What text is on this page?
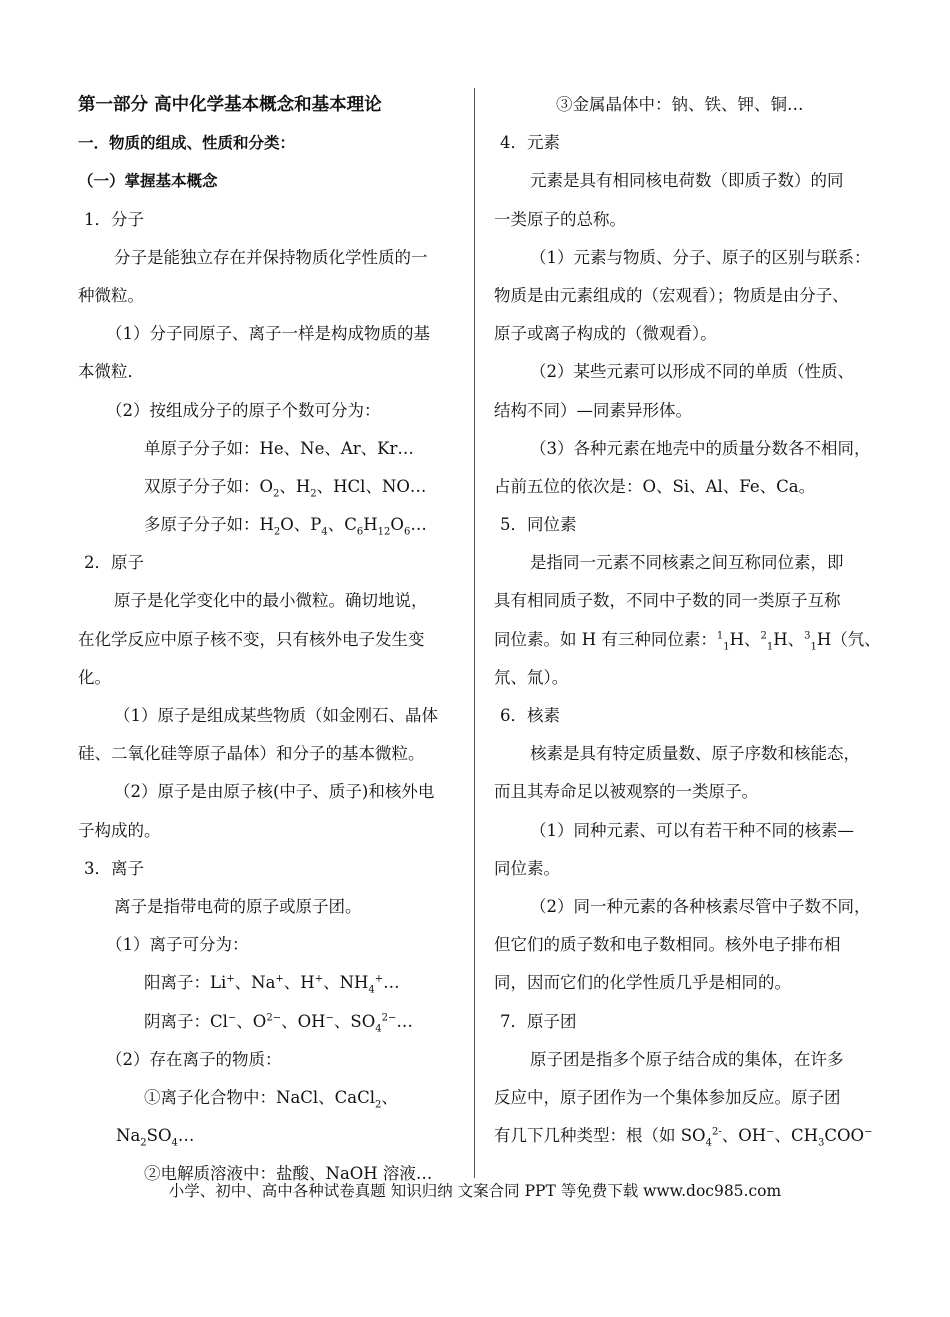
第一部分 高中化学基本概念和基本理论
一．物质的组成、性质和分类：
（一）掌握基本概念
1．分子
分子是能独立存在并保持物质化学性质的一
种微粒。
（1）分子同原子、离子一样是构成物质的基
本微粒．
（2）按组成分子的原子个数可分为：
单原子分子如：He、Ne、Ar、Kr…
双原子分子如：$O_2$、$H_2$、HCl、NO…
多原子分子如：$H_2O$、$P_4$、$C_6H_{12}O_6\dots$
2．原子
原子是化学变化中的最小微粒。确切地说，
在化学反应中原子核不变，只有核外电子发生变
化。
（1）原子是组成某些物质（如金刚石、晶体
硅、二氧化硅等原子晶体）和分子的基本微粒。
（2）原子是由原子核(中子、质子)和核外电
子构成的。
3．离子
离子是指带电荷的原子或原子团。
（1）离子可分为：
阳离子：Li+、Na+、H+、$NH_4^+\dots$
阴离子：Cl−、$O^{2-}$、OH−、$SO_4^{2-}\dots$
（2）存在离子的物质：
①离子化合物中：NaCl、CaCl$_2$、
$Na_2SO_4\dots$
②电解质溶液中：盐酸、NaOH 溶液…
③金属晶体中：钠、铁、钾、铜…
4．元素
元素是具有相同核电荷数（即质子数）的同
一类原子的总称。
（1）元素与物质、分子、原子的区别与联系：
物质是由元素组成的（宏观看）；物质是由分子、
原子或离子构成的（微观看）。
（2）某些元素可以形成不同的单质（性质、
结构不同）—同素异形体。
（3）各种元素在地壳中的质量分数各不相同，
占前五位的依次是：O、Si、Al、Fe、Ca。
5．同位素
是指同一元素不同核素之间互称同位素，即
具有相同质子数，不同中子数的同一类原子互称
同位素。如 H 有三种同位素：$^1_1$H、$^2_1$H、$^3_1$H（氕、
氘、氚）。
6．核素
核素是具有特定质量数、原子序数和核能态，
而且其寿命足以被观察的一类原子。
（1）同种元素、可以有若干种不同的核素—
同位素。
（2）同一种元素的各种核素尽管中子数不同，
但它们的质子数和电子数相同。核外电子排布相
同，因而它们的化学性质几乎是相同的。
7．原子团
原子团是指多个原子结合成的集体，在许多
反应中，原子团作为一个集体参加反应。原子团
有几下几种类型：根（如 $SO_4^{2-}$、OH−、$CH_3COO^-$
小学、初中、高中各种试卷真题 知识归纳 文案合同 PPT 等免费下载 www.doc985.com
